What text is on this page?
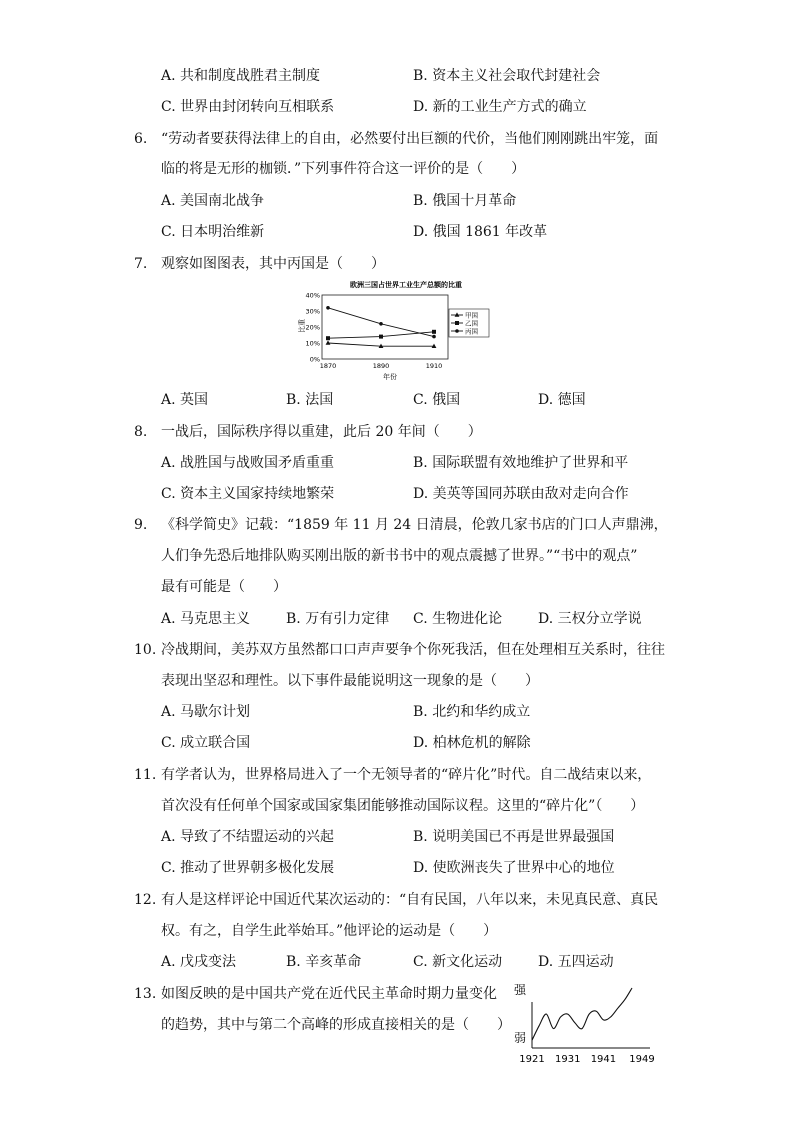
A. 共和制度战胜君主制度	B. 资本主义社会取代封建社会
C. 世界由封闭转向互相联系	D. 新的工业生产方式的确立
6. “劳动者要获得法律上的自由，必然要付出巨额的代价，当他们刚刚跳出牢笼，面
临的将是无形的枷锁．”下列事件符合这一评价的是（　　）
A. 美国南北战争	B. 俄国十月革命
C. 日本明治维新	D. 俄国 1861 年改革
7. 观察如图图表，其中丙国是（　　）
欧洲三国占世界工业生产总额的比重
0%
10%
20%
30%
40%
1870	1890	1910
甲国
乙国
丙国
比重
年份
A. 英国	B. 法国	C. 俄国	D. 德国
8. 一战后，国际秩序得以重建，此后 20 年间（　　）
A. 战胜国与战败国矛盾重重	B. 国际联盟有效地维护了世界和平
C. 资本主义国家持续地繁荣	D. 美英等国同苏联由敌对走向合作
9. 《科学简史》记载：“1859 年 11 月 24 日清晨，伦敦几家书店的门口人声鼎沸，
人们争先恐后地排队购买刚出版的新书书中的观点震撼了世界。”“书中的观点”
最有可能是（　　）
A. 马克思主义	B. 万有引力定律 C. 生物进化论	D. 三权分立学说
10. 冷战期间，美苏双方虽然都口口声声要争个你死我活，但在处理相互关系时，往往
表现出坚忍和理性。以下事件最能说明这一现象的是（　　）
A. 马歇尔计划	B. 北约和华约成立
C. 成立联合国	D. 柏林危机的解除
11. 有学者认为，世界格局进入了一个无领导者的“碎片化”时代。自二战结束以来，
首次没有任何单个国家或国家集团能够推动国际议程。这里的“碎片化”（　　）
A. 导致了不结盟运动的兴起	B. 说明美国已不再是世界最强国
C. 推动了世界朝多极化发展	D. 使欧洲丧失了世界中心的地位
12. 有人是这样评论中国近代某次运动的：“自有民国，八年以来，未见真民意、真民
权。有之，自学生此举始耳。”他评论的运动是（　　）
A. 戊戌变法	B. 辛亥革命	C. 新文化运动	D. 五四运动
13. 如图反映的是中国共产党在近代民主革命时期力量变化
的趋势，其中与第二个高峰的形成直接相关的是（　　）
1921 1931 1941 1949
强
弱
